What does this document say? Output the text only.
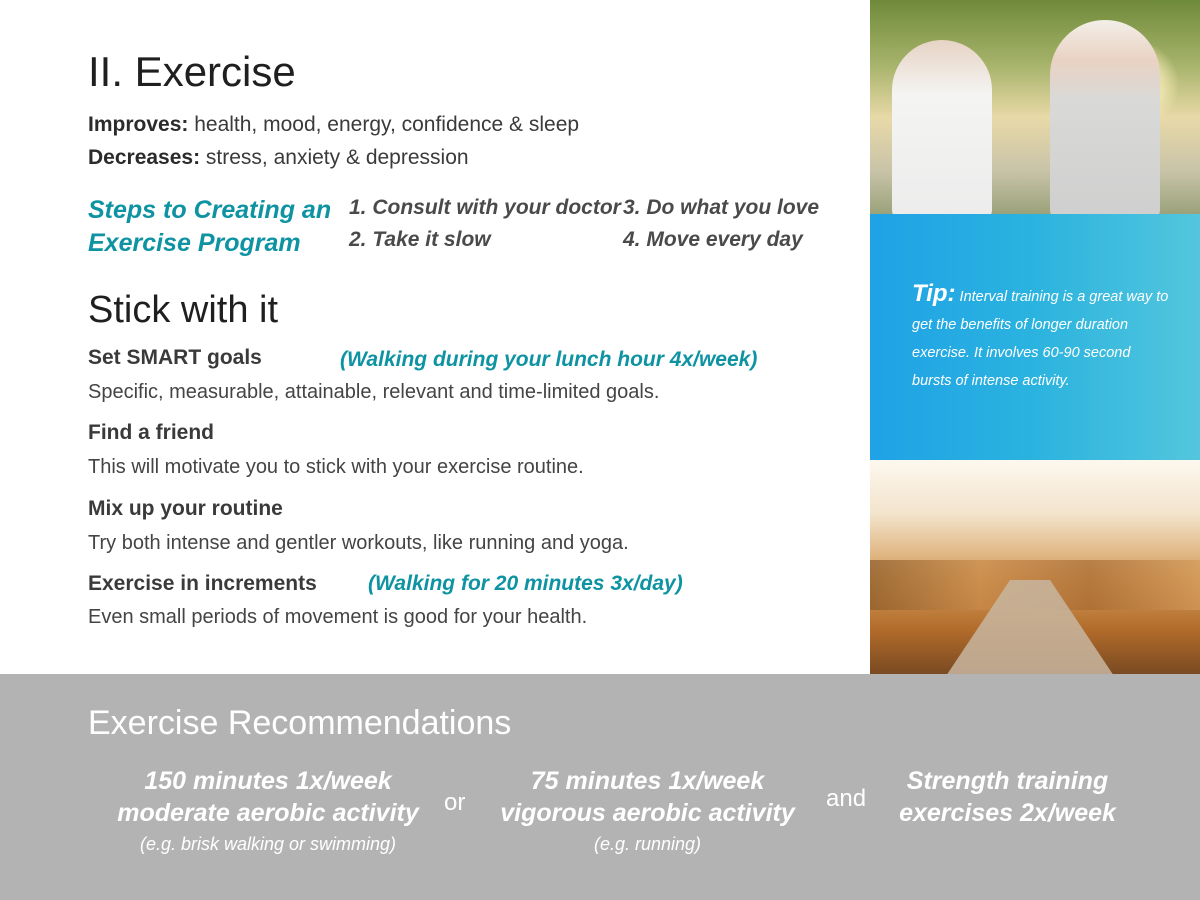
II. Exercise
Improves: health, mood, energy, confidence & sleep
Decreases: stress, anxiety & depression
Steps to Creating an Exercise Program
1. Consult with your doctor
2. Take it slow
3. Do what you love
4. Move every day
Stick with it
Set SMART goals	(Walking during your lunch hour 4x/week)
Specific, measurable, attainable, relevant and time-limited goals.
Find a friend
This will motivate you to stick with your exercise routine.
Mix up your routine
Try both intense and gentler workouts, like running and yoga.
Exercise in increments (Walking for 20 minutes 3x/day)
Even small periods of movement is good for your health.
Tip: Interval training is a great way to get the benefits of longer duration exercise. It involves 60-90 second bursts of intense activity.
Exercise Recommendations
150 minutes 1x/week
moderate aerobic activity
(e.g. brisk walking or swimming)
or
75 minutes 1x/week
vigorous aerobic activity
(e.g. running)
and
Strength training
exercises 2x/week
